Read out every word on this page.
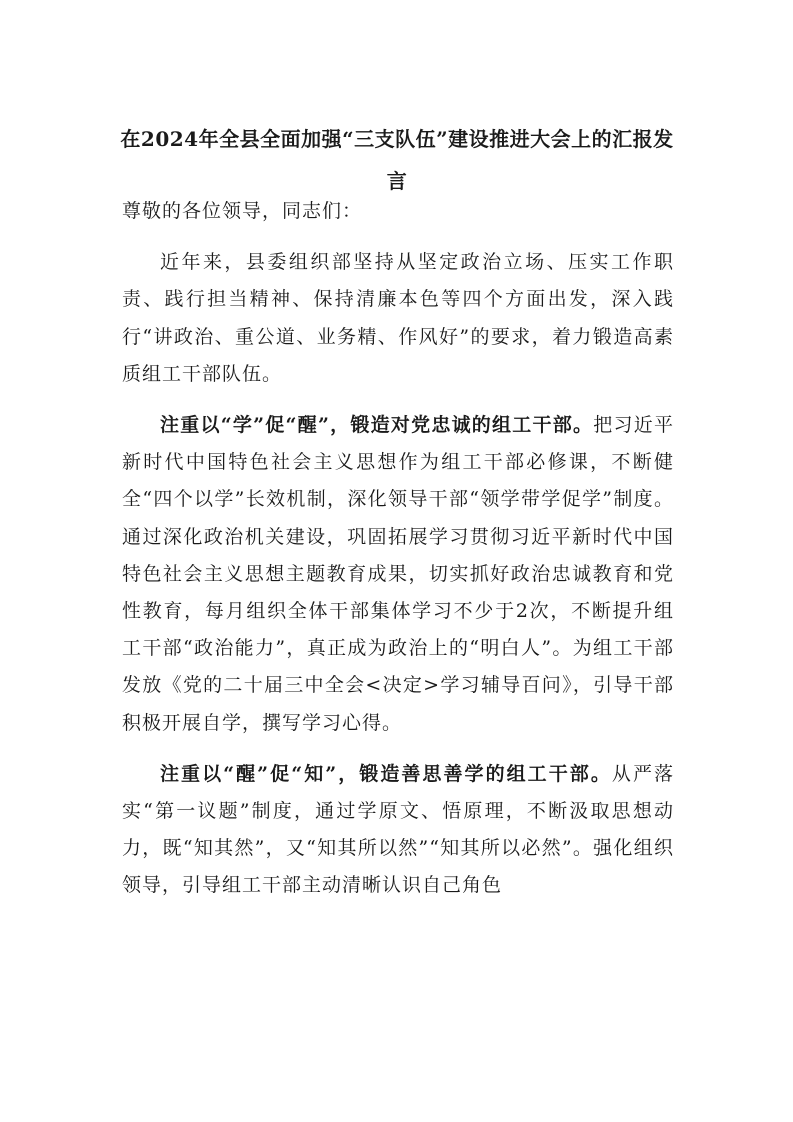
在2024年全县全面加强“三支队伍”建设推进大会上的汇报发言

尊敬的各位领导，同志们：

近年来，县委组织部坚持从坚定政治立场、压实工作职责、践行担当精神、保持清廉本色等四个方面出发，深入践行“讲政治、重公道、业务精、作风好”的要求，着力锻造高素质组工干部队伍。

注重以“学”促“醒”，锻造对党忠诚的组工干部。把习近平新时代中国特色社会主义思想作为组工干部必修课，不断健全“四个以学”长效机制，深化领导干部“领学带学促学”制度。通过深化政治机关建设，巩固拓展学习贯彻习近平新时代中国特色社会主义思想主题教育成果，切实抓好政治忠诚教育和党性教育，每月组织全体干部集体学习不少于2次，不断提升组工干部“政治能力”，真正成为政治上的“明白人”。为组工干部发放《党的二十届三中全会<决定>学习辅导百问》，引导干部积极开展自学，撰写学习心得。

注重以“醒”促“知”，锻造善思善学的组工干部。从严落实“第一议题”制度，通过学原文、悟原理，不断汲取思想动力，既“知其然”，又“知其所以然”“知其所以必然”。强化组织领导，引导组工干部主动清晰认识自己角色
